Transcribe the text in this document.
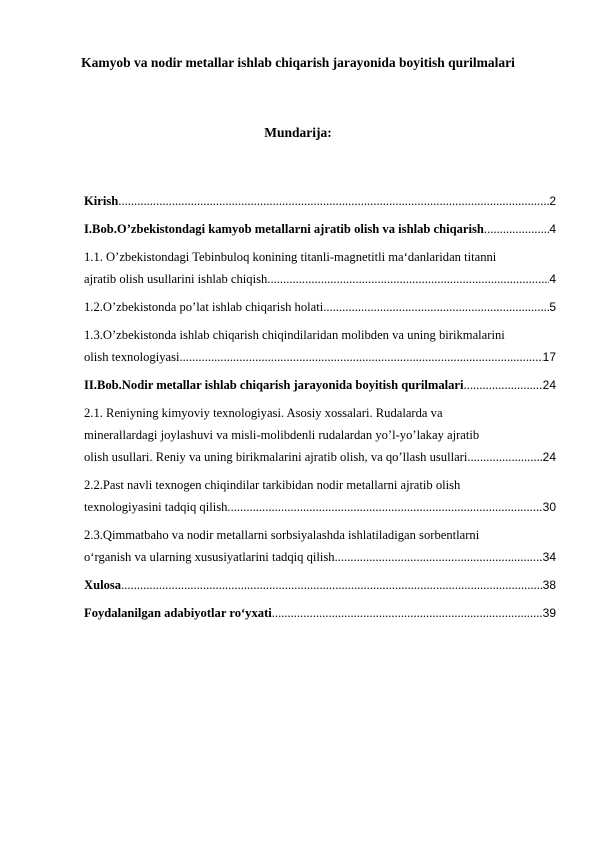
Kamyob va nodir metallar ishlab chiqarish jarayonida boyitish qurilmalari
Mundarija:
Kirish .....	2
I.Bob.O’zbekistondagi kamyob metallarni ajratib olish va ishlab chiqarish .....	4
1.1. O’zbekistondagi Tebinbuloq konining titanli-magnetitli ma‘danlaridan titanni
ajratib olish usullarini ishlab chiqish .....	4
1.2.O’zbekistonda po’lat ishlab chiqarish holati .....	5
1.3.O’zbekistonda ishlab chiqarish chiqindilaridan molibden va uning birikmalarini
olish texnologiyasi .....	17
II.Bob.Nodir metallar ishlab chiqarish jarayonida boyitish qurilmalari .....	24
2.1. Reniyning kimyoviy texnologiyasi. Asosiy xossalari. Rudalarda va
minerallardagi joylashuvi va misli-molibdenli rudalardan yo’l-yo’lakay ajratib
olish usullari. Reniy va uning birikmalarini ajratib olish, va qo’llash usullari .....	24
2.2.Past navli texnogen chiqindilar tarkibidan nodir metallarni ajratib olish
texnologiyasini tadqiq qilish .....	30
2.3.Qimmatbaho va nodir metallarni sorbsiyalashda ishlatiladigan sorbentlarni
o‘rganish va ularning xususiyatlarini tadqiq qilish .....	34
Xulosa .....	38
Foydalanilgan adabiyotlar ro‘yxati .....	39
